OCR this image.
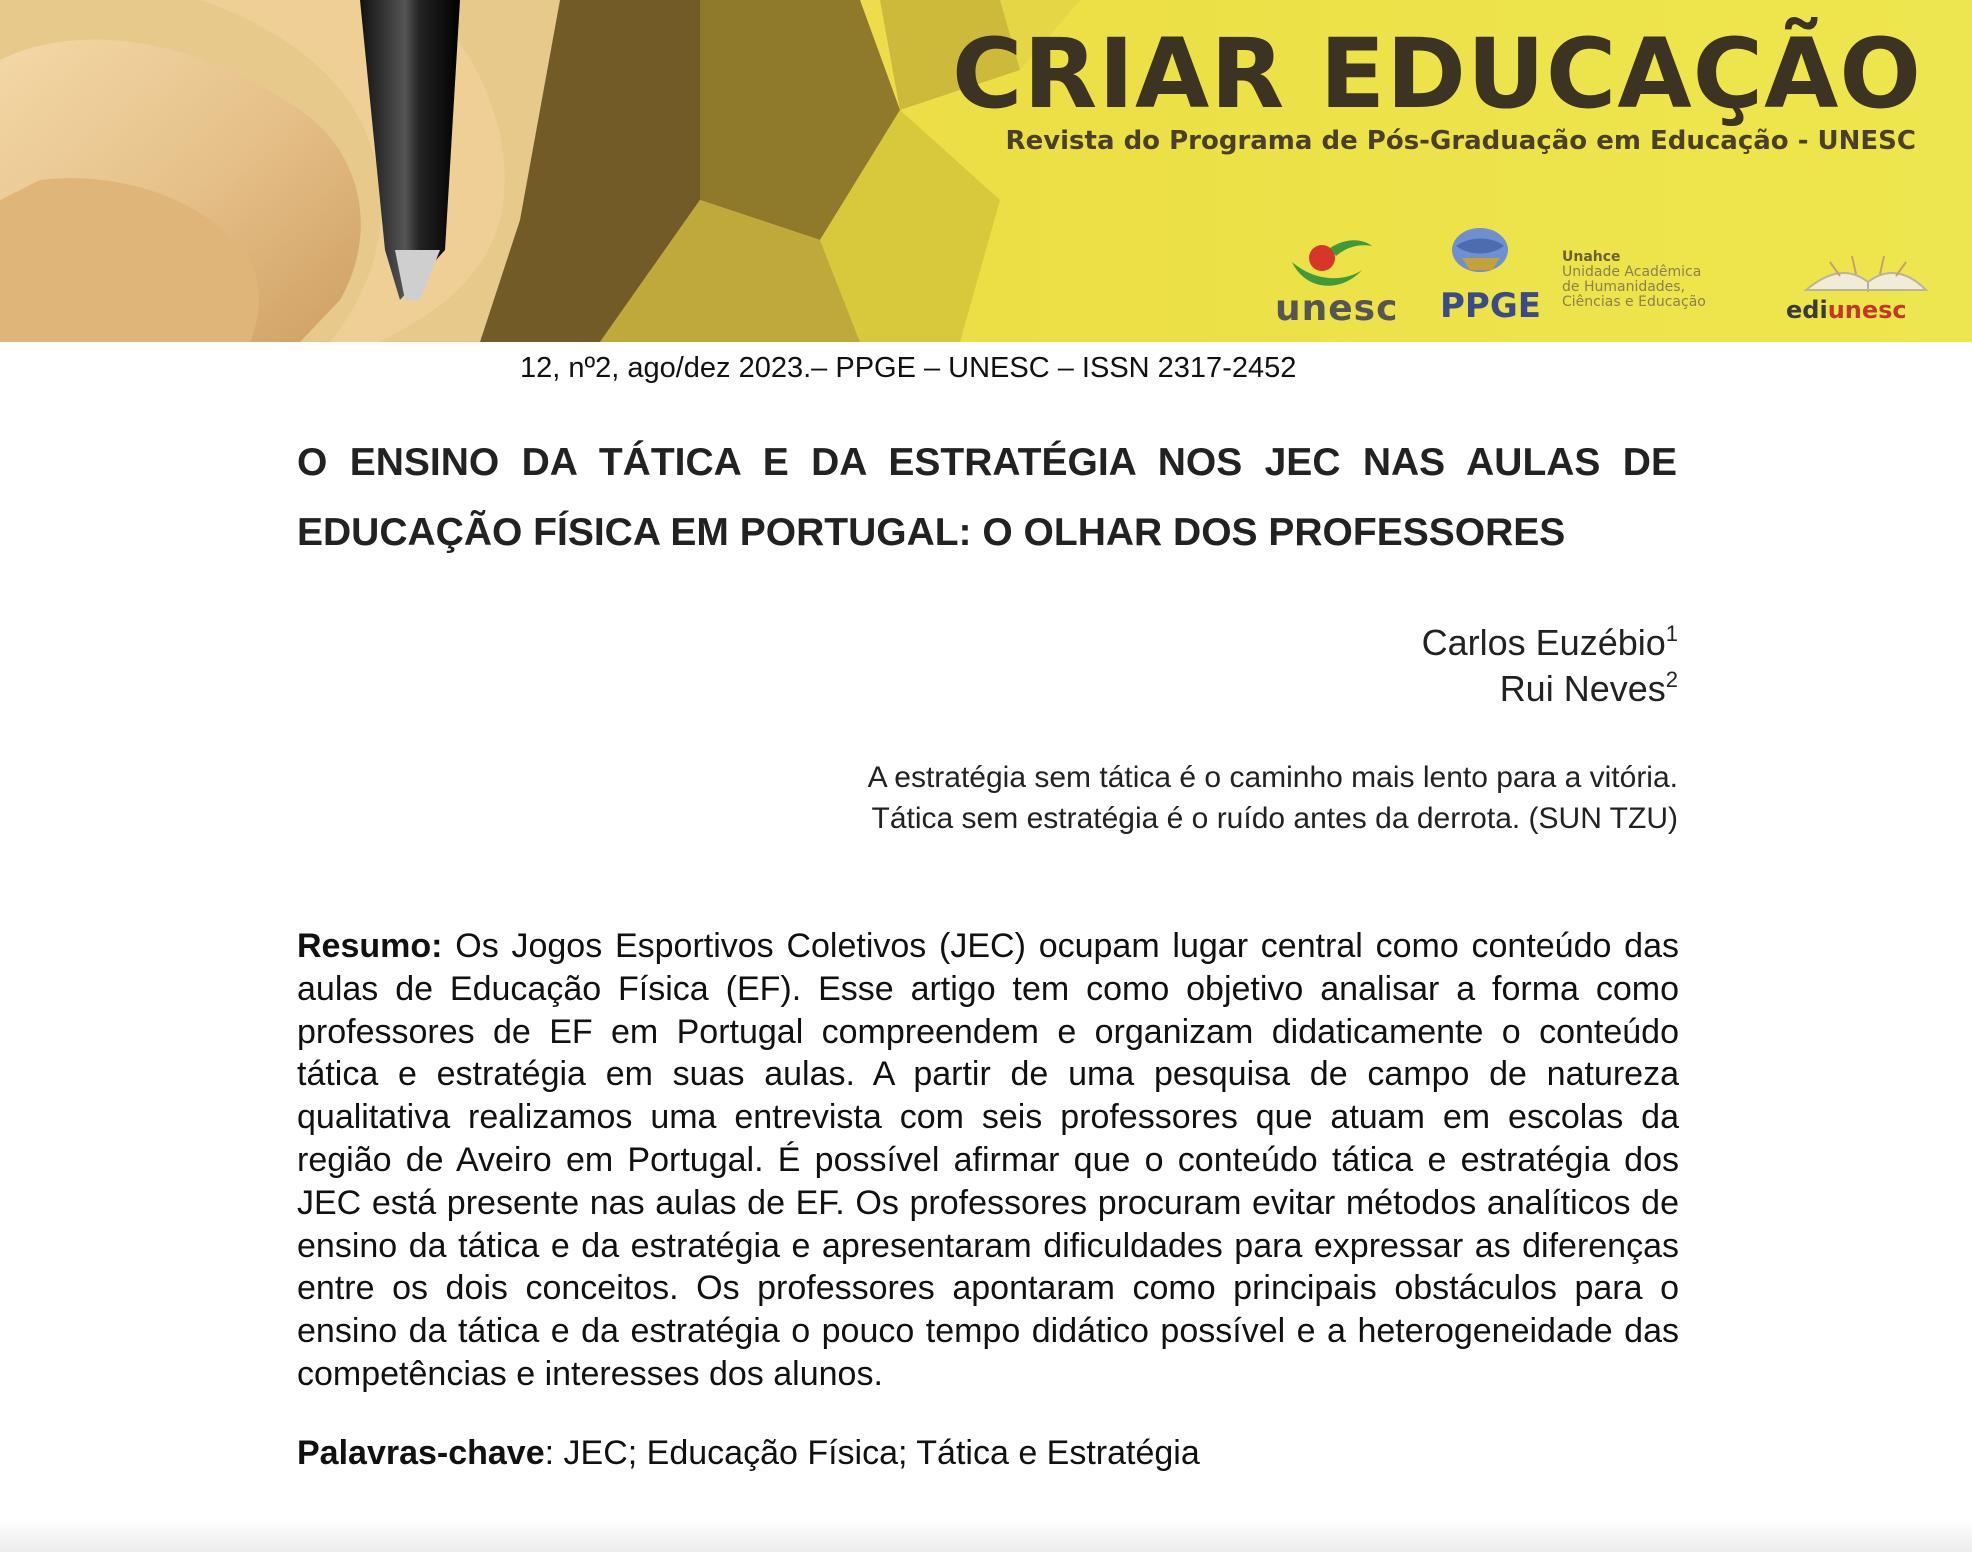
CRIAR EDUCAÇÃO
Revista do Programa de Pós-Graduação em Educação - UNESC
unesc PPGE
Unahce
Unidade Acadêmica
de Humanidades,
Ciências e Educação	ediunesc
12, nº2, ago/dez 2023.– PPGE – UNESC – ISSN 2317-2452
O ENSINO DA TÁTICA E DA ESTRATÉGIA NOS JEC NAS AULAS DE EDUCAÇÃO FÍSICA EM PORTUGAL: O OLHAR DOS PROFESSORES
Carlos Euzébio$^1$
Rui Neves$^2$
A estratégia sem tática é o caminho mais lento para a vitória.
Tática sem estratégia é o ruído antes da derrota. (SUN TZU)

Resumo: Os Jogos Esportivos Coletivos (JEC) ocupam lugar central como conteúdo das aulas de Educação Física (EF). Esse artigo tem como objetivo analisar a forma como professores de EF em Portugal compreendem e organizam didaticamente o conteúdo tática e estratégia em suas aulas. A partir de uma pesquisa de campo de natureza qualitativa realizamos uma entrevista com seis professores que atuam em escolas da região de Aveiro em Portugal. É possível afirmar que o conteúdo tática e estratégia dos JEC está presente nas aulas de EF. Os professores procuram evitar métodos analíticos de ensino da tática e da estratégia e apresentaram dificuldades para expressar as diferenças entre os dois conceitos. Os professores apontaram como principais obstáculos para o ensino da tática e da estratégia o pouco tempo didático possível e a heterogeneidade das competências e interesses dos alunos.

Palavras-chave: JEC; Educação Física; Tática e Estratégia
